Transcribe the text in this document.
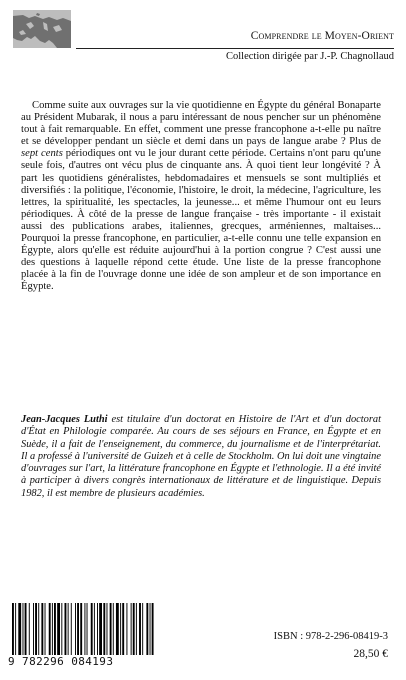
Comprendre le Moyen-Orient
Collection dirigée par J.-P. Chagnollaud

Comme suite aux ouvrages sur la vie quotidienne en Égypte du général Bonaparte au Président Mubarak, il nous a paru intéressant de nous pencher sur un phénomène tout à fait remarquable. En effet, comment une presse francophone a-t-elle pu naître et se développer pendant un siècle et demi dans un pays de langue arabe ? Plus de sept cents périodiques ont vu le jour durant cette période. Certains n'ont paru qu'une seule fois, d'autres ont vécu plus de cinquante ans. À quoi tient leur longévité ? À part les quotidiens généralistes, hebdomadaires et mensuels se sont multipliés et diversifiés : la politique, l'économie, l'histoire, le droit, la médecine, l'agriculture, les lettres, la spiritualité, les spectacles, la jeunesse... et même l'humour ont eu leurs périodiques. À côté de la presse de langue française - très importante - il existait aussi des publications arabes, italiennes, grecques, arméniennes, maltaises... Pourquoi la presse francophone, en particulier, a-t-elle connu une telle expansion en Égypte, alors qu'elle est réduite aujourd'hui à la portion congrue ? C'est aussi une des questions à laquelle répond cette étude. Une liste de la presse francophone placée à la fin de l'ouvrage donne une idée de son ampleur et de son importance en Égypte.

Jean-Jacques Luthi est titulaire d'un doctorat en Histoire de l'Art et d'un doctorat d'État en Philologie comparée. Au cours de ses séjours en France, en Égypte et en Suède, il a fait de l'enseignement, du commerce, du journalisme et de l'interprétariat. Il a professé à l'université de Guizeh et à celle de Stockholm. On lui doit une vingtaine d'ouvrages sur l'art, la littérature francophone en Égypte et l'ethnologie. Il a été invité à participer à divers congrès internationaux de littérature et de linguistique. Depuis 1982, il est membre de plusieurs académies.

9 782296 084193
ISBN : 978-2-296-08419-3
28,50 €
